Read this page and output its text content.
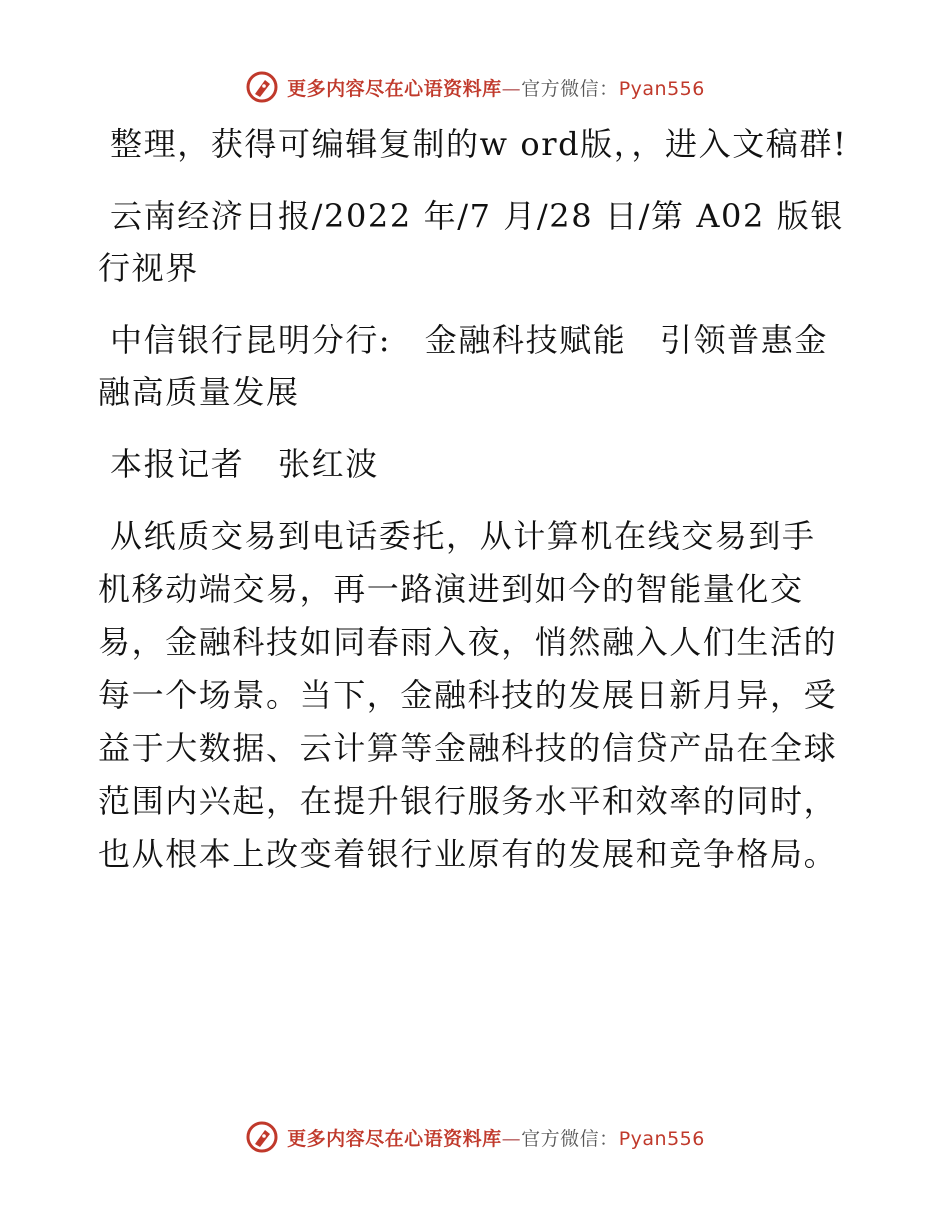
更多内容尽在心语资料库—官方微信：Pyan556

整理，获得可编辑复制的w ord版，，进入文稿群!

云南经济日报/2022 年/7 月/28 日/第 A02 版银行视界

中信银行昆明分行:　金融科技赋能　引领普惠金融高质量发展

本报记者　张红波

从纸质交易到电话委托，从计算机在线交易到手机移动端交易，再一路演进到如今的智能量化交易，金融科技如同春雨入夜，悄然融入人们生活的每一个场景。当下，金融科技的发展日新月异，受益于大数据、云计算等金融科技的信贷产品在全球范围内兴起，在提升银行服务水平和效率的同时，也从根本上改变着银行业原有的发展和竞争格局。

更多内容尽在心语资料库—官方微信：Pyan556
